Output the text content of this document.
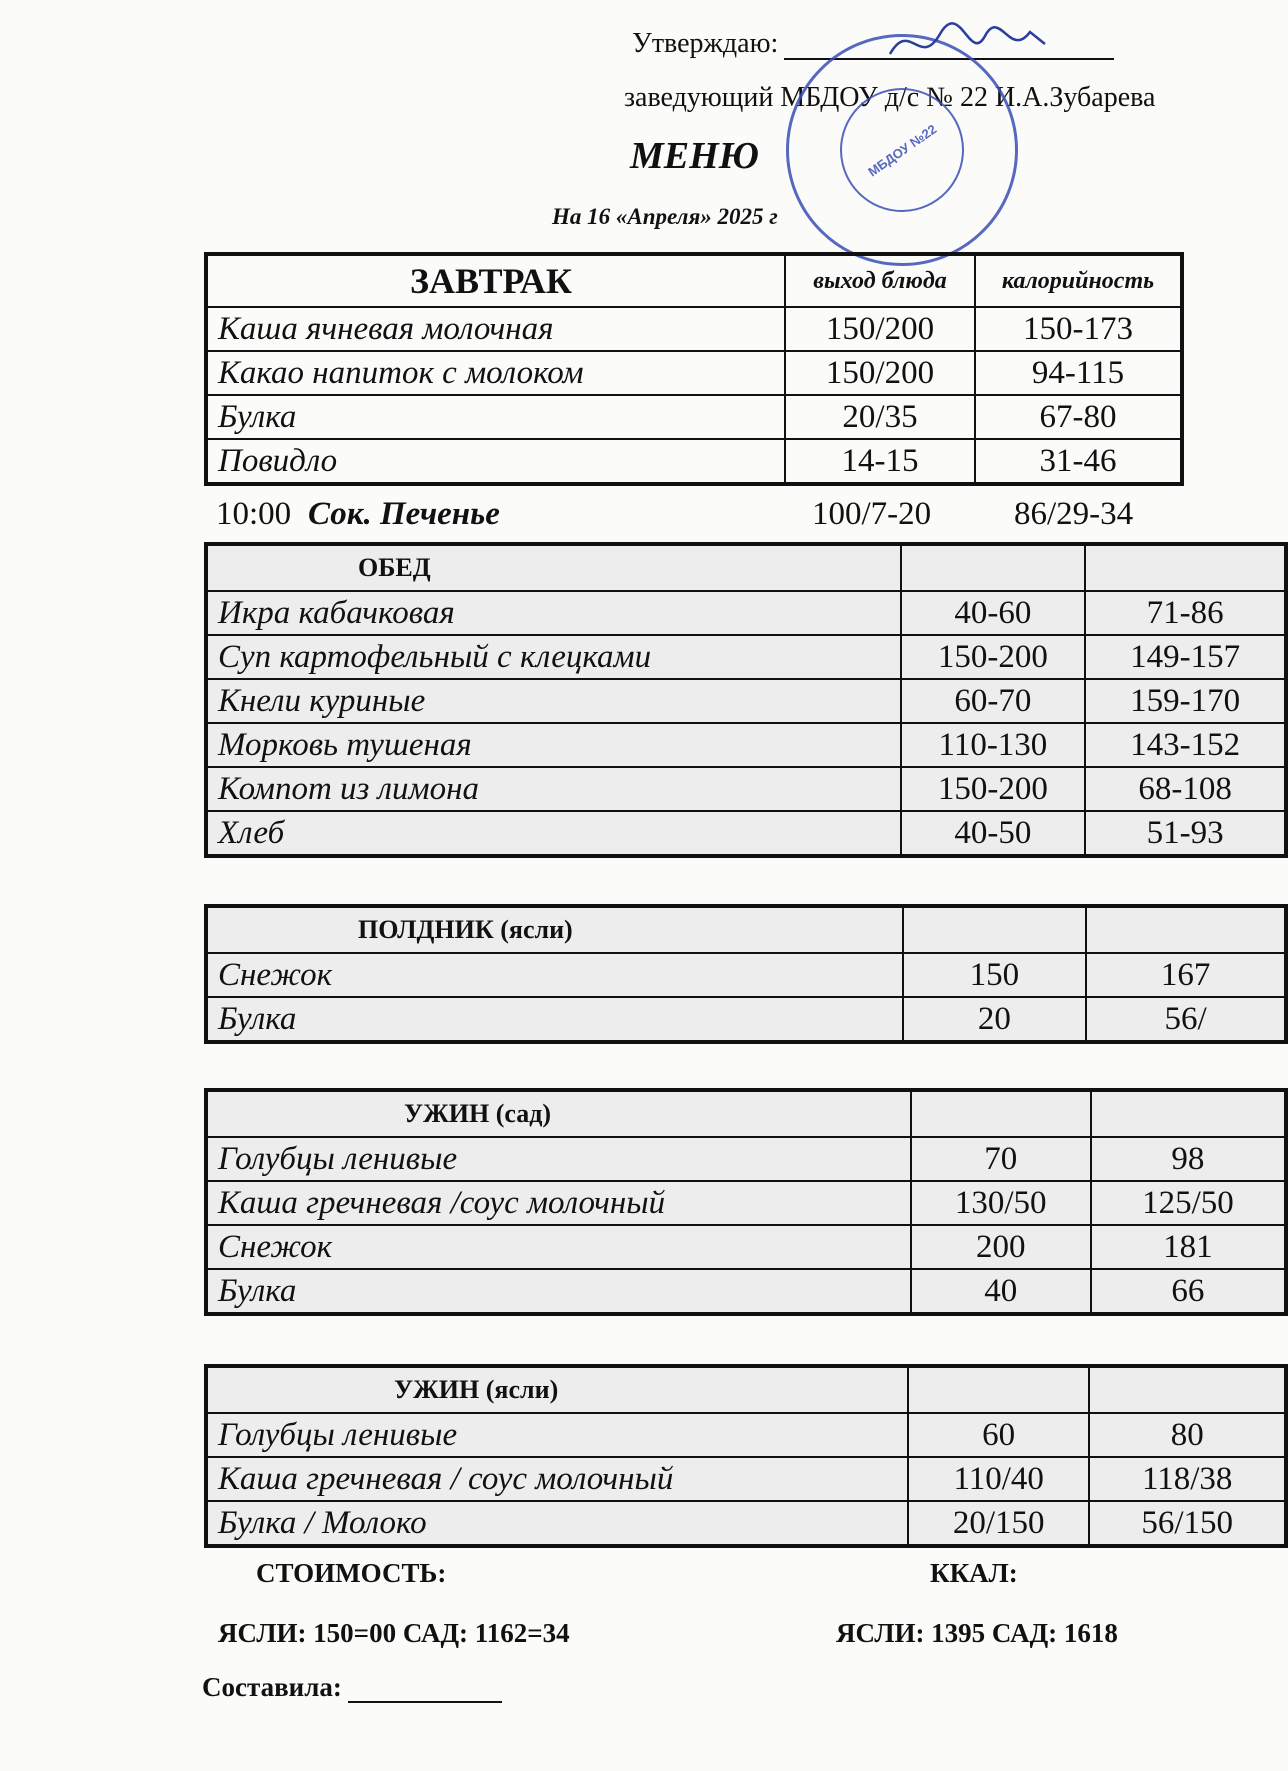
Утверждаю:
заведующий МБДОУ д/с № 22 И.А.Зубарева
МБДОУ №22
МЕНЮ
На 16 «Апреля» 2025 г
ЗАВТРАК	выход блюда	калорийность
Каша ячневая молочная	150/200	150-173
Какао напиток с молоком	150/200	94-115
Булка	20/35	67-80
Повидло	14-15	31-46
10:00 Сок. Печенье	100/7-20	86/29-34
ОБЕД		
Икра кабачковая	40-60	71-86
Суп картофельный с клецками	150-200	149-157
Кнели куриные	60-70	159-170
Морковь тушеная	110-130	143-152
Компот из лимона	150-200	68-108
Хлеб	40-50	51-93
ПОЛДНИК (ясли)		
Снежок	150	167
Булка	20	56/
УЖИН (сад)		
Голубцы ленивые	70	98
Каша гречневая /соус молочный	130/50	125/50
Снежок	200	181
Булка	40	66
УЖИН (ясли)		
Голубцы ленивые	60	80
Каша гречневая / соус молочный	110/40	118/38
Булка / Молоко	20/150	56/150
СТОИМОСТЬ:	ККАЛ:
ЯСЛИ: 150=00 САД: 1162=34	ЯСЛИ: 1395 САД: 1618
Составила:
